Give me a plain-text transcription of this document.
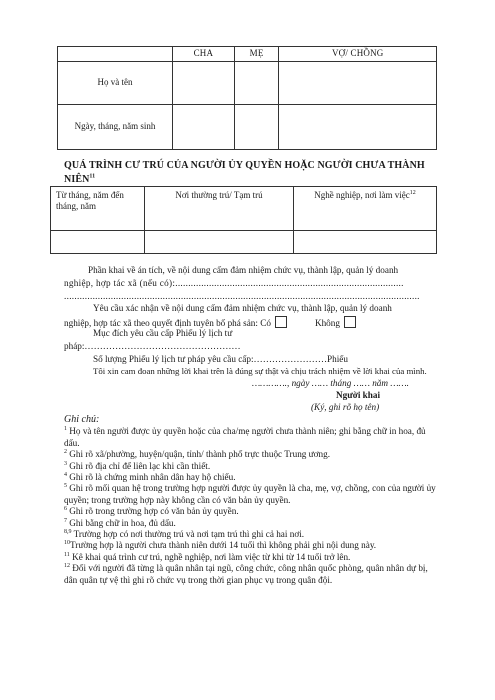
	CHA	MẸ	VỢ/ CHỒNG
Họ và tên			
Ngày, tháng, năm sinh			
QUÁ TRÌNH CƯ TRÚ CỦA NGƯỜI ỦY QUYỀN HOẶC NGƯỜI CHƯA THÀNH NIÊN$^{11}$
Từ tháng, năm đến tháng, năm	Nơi thường trú/ Tạm trú	Nghề nghiệp, nơi làm việc$^{12}$

Phần khai về án tích, về nội dung cấm đảm nhiệm chức vụ, thành lập, quản lý doanh
nghiệp, hợp tác xã (nếu có):........................................................................................
.........................................................................................................................................
Yêu cầu xác nhận về nội dung cấm đảm nhiệm chức vụ, thành lập, quản lý doanh
nghiệp, hợp tác xã theo quyết định tuyên bố phá sản: Có	Không
Mục đích yêu cầu cấp Phiếu lý lịch tư
pháp:……………………………………………
Số lượng Phiếu lý lịch tư pháp yêu cầu cấp:……………………Phiếu
Tôi xin cam đoan những lời khai trên là đúng sự thật và chịu trách nhiệm về lời khai của mình.
…………., ngày …… tháng …… năm …….
Người khai
(Ký, ghi rõ họ tên)

Ghi chú:

$^1$ Họ và tên người được ủy quyền hoặc của cha/mẹ người chưa thành niên; ghi bằng chữ in hoa, đủ dấu.

$^2$ Ghi rõ xã/phường, huyện/quận, tỉnh/ thành phố trực thuộc Trung ương.

$^3$ Ghi rõ địa chỉ để liên lạc khi cần thiết.

$^4$ Ghi rõ là chứng minh nhân dân hay hộ chiếu.

$^5$ Ghi rõ mối quan hệ trong trường hợp người được ủy quyền là cha, mẹ, vợ, chồng, con của người ủy quyền; trong trường hợp này không cần có văn bản ủy quyền.

$^6$ Ghi rõ trong trường hợp có văn bản ủy quyền.

$^7$ Ghi bằng chữ in hoa, đủ dấu.

$^{8,9}$ Trường hợp có nơi thường trú và nơi tạm trú thì ghi cả hai nơi.

$^{10}$Trường hợp là người chưa thành niên dưới 14 tuổi thì không phải ghi nội dung này.

$^{11}$ Kê khai quá trình cư trú, nghề nghiệp, nơi làm việc từ khi từ 14 tuổi trở lên.

$^{12}$ Đối với người đã từng là quân nhân tại ngũ, công chức, công nhân quốc phòng, quân nhân dự bị, dân quân tự vệ thì ghi rõ chức vụ trong thời gian phục vụ trong quân đội.
